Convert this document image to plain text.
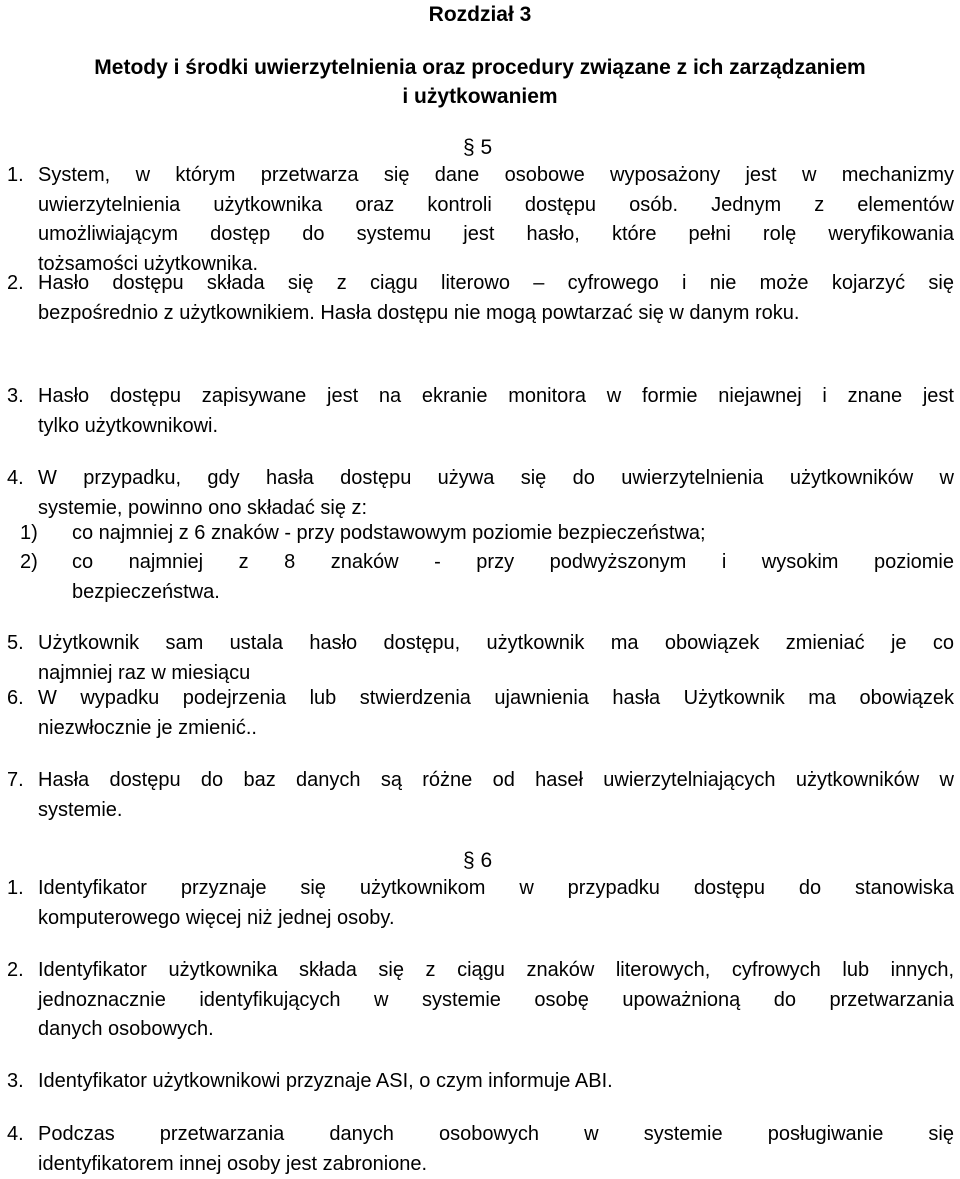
Rozdział 3
Metody i środki uwierzytelnienia oraz procedury związane z ich zarządzaniem
i użytkowaniem
§ 5
1. System, w którym przetwarza się dane osobowe wyposażony jest w mechanizmy
uwierzytelnienia użytkownika oraz kontroli dostępu osób. Jednym z elementów
umożliwiającym dostęp do systemu jest hasło, które pełni rolę weryfikowania
tożsamości użytkownika.
2. Hasło dostępu składa się z ciągu literowo – cyfrowego i nie może kojarzyć się
bezpośrednio z użytkownikiem. Hasła dostępu nie mogą powtarzać się w danym roku.
3. Hasło dostępu zapisywane jest na ekranie monitora w formie niejawnej i znane jest
tylko użytkownikowi.
4. W przypadku, gdy hasła dostępu używa się do uwierzytelnienia użytkowników w
systemie, powinno ono składać się z:
1) co najmniej z 6 znaków - przy podstawowym poziomie bezpieczeństwa;
2) co najmniej z 8 znaków - przy podwyższonym i wysokim poziomie
bezpieczeństwa.
5. Użytkownik sam ustala hasło dostępu, użytkownik ma obowiązek zmieniać je co
najmniej raz w miesiącu
6. W wypadku podejrzenia lub stwierdzenia ujawnienia hasła Użytkownik ma obowiązek
niezwłocznie je zmienić..
7. Hasła dostępu do baz danych są różne od haseł uwierzytelniających użytkowników w
systemie.
§ 6
1. Identyfikator przyznaje się użytkownikom w przypadku dostępu do stanowiska
komputerowego więcej niż jednej osoby.
2. Identyfikator użytkownika składa się z ciągu znaków literowych, cyfrowych lub innych,
jednoznacznie identyfikujących w systemie osobę upoważnioną do przetwarzania
danych osobowych.
3. Identyfikator użytkownikowi przyznaje ASI, o czym informuje ABI.
4. Podczas przetwarzania danych osobowych w systemie posługiwanie się
identyfikatorem innej osoby jest zabronione.
